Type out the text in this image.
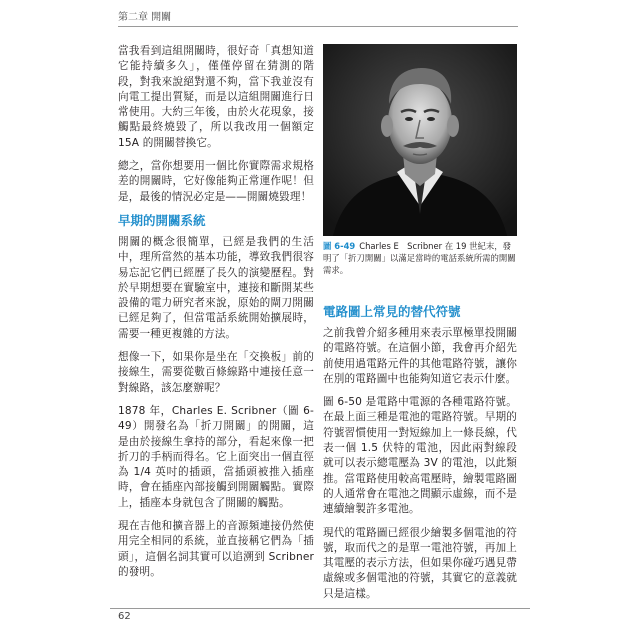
第二章 開關

當我看到這組開關時，很好奇「真想知道它能持續多久」，僅僅停留在猜測的階段，對我來說絕對還不夠，當下我並沒有向電工提出質疑，而是以這組開關進行日常使用。大約三年後，由於火花現象，接觸點最終燒毀了，所以我改用一個額定 15A 的開關替換它。

總之，當你想要用一個比你實際需求規格差的開關時，它好像能夠正常運作呢！但是，最後的情況必定是——開關燒毀理！

早期的開關系統

開關的概念很簡單，已經是我們的生活中，理所當然的基本功能，導致我們很容易忘記它們已經歷了長久的演變歷程。對於早期想要在實驗室中，連接和斷開某些設備的電力研究者來說，原始的閘刀開關已經足夠了，但當電話系統開始擴展時，需要一種更複雜的方法。

想像一下，如果你是坐在「交換板」前的接線生，需要從數百條線路中連接任意一對線路，該怎麼辦呢？

1878 年，Charles E. Scribner（圖 6-49）開發名為「折刀開關」的開關，這是由於接線生拿持的部分，看起來像一把折刀的手柄而得名。它上面突出一個直徑為 1/4 英吋的插頭，當插頭被推入插座時，會在插座內部接觸到開關觸點。實際上，插座本身就包含了開關的觸點。

現在吉他和擴音器上的音源頻連接仍然使用完全相同的系統，並直接稱它們為「插頭」，這個名詞其實可以追溯到 Scribner 的發明。

圖 6-49 Charles E　Scribner 在 19 世紀末，發明了「折刀開關」以滿足當時的電話系統所需的開關需求。
電路圖上常見的替代符號

之前我曾介紹多種用來表示單極單投開關的電路符號。在這個小節，我會再介紹先前使用過電路元件的其他電路符號，讓你在別的電路圖中也能夠知道它表示什麼。

圖 6-50 是電路中電源的各種電路符號。在最上面三種是電池的電路符號。早期的符號習慣使用一對短線加上一條長線，代表一個 1.5 伏特的電池，因此兩對線段就可以表示總電壓為 3V 的電池，以此類推。當電路使用較高電壓時，繪製電路圖的人通常會在電池之間顯示虛線，而不是連續繪製許多電池。

現代的電路圖已經很少繪製多個電池的符號，取而代之的是單一電池符號，再加上其電壓的表示方法，但如果你碰巧遇見帶虛線或多個電池的符號，其實它的意義就只是這樣。

62
